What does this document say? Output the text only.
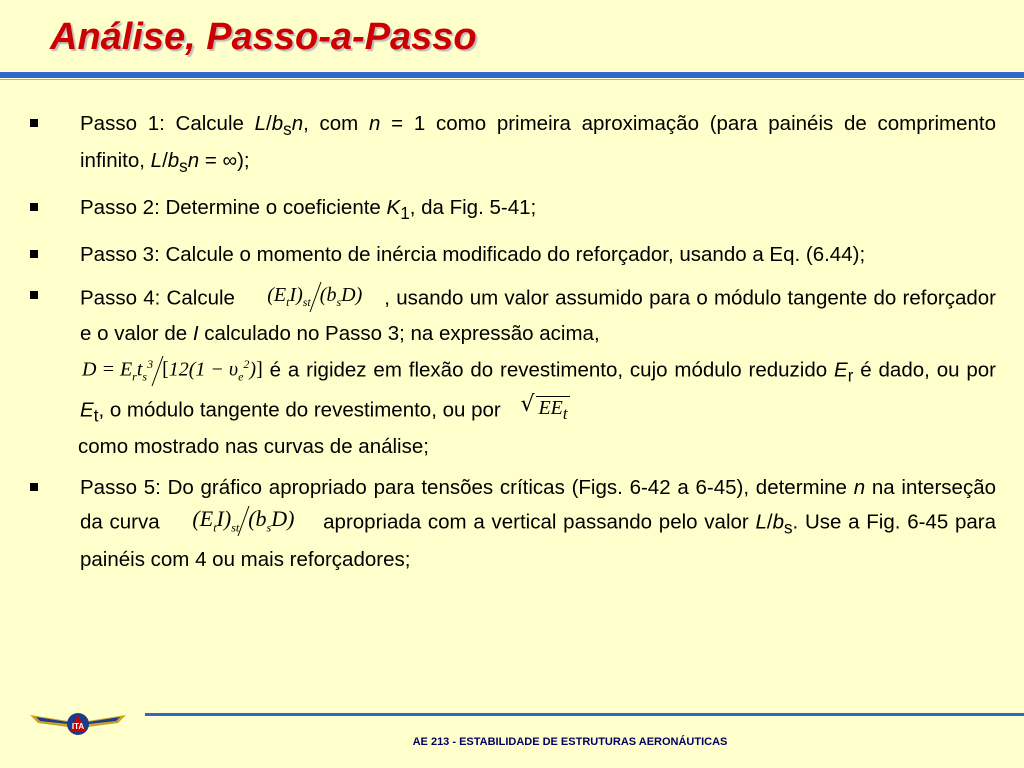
Análise, Passo-a-Passo
Passo 1: Calcule $L/b_sn$, com n = 1 como primeira aproximação (para painéis de comprimento infinito, $L/b_sn$ = ∞);
Passo 2: Determine o coeficiente $K_1$, da Fig. 5-41;
Passo 3: Calcule o momento de inércia modificado do reforçador, usando a Eq. (6.44);
Passo 4: Calcule $(E_tI)_{st}$ $(b_sD)$ , usando um valor assumido para o módulo tangente do reforçador e o valor de I calculado no Passo 3; na expressão acima,
$D = E_rt_s^3$ $[12(1 - \upsilon_e^2)]$ é a rigidez em flexão do revestimento, cujo módulo reduzido $E_r$ é dado, ou por $E_t$, o módulo tangente do revestimento, ou por √ $EE_t$
como mostrado nas curvas de análise;
Passo 5: Do gráfico apropriado para tensões críticas (Figs. 6-42 a 6-45), determine n na interseção da curva $(E_tI)_{st}$ $(b_sD)$ apropriada com a vertical passando pelo valor $L/b_s$. Use a Fig. 6-45 para painéis com 4 ou mais reforçadores;
ITA
AE 213 - ESTABILIDADE DE ESTRUTURAS AERONÁUTICAS
